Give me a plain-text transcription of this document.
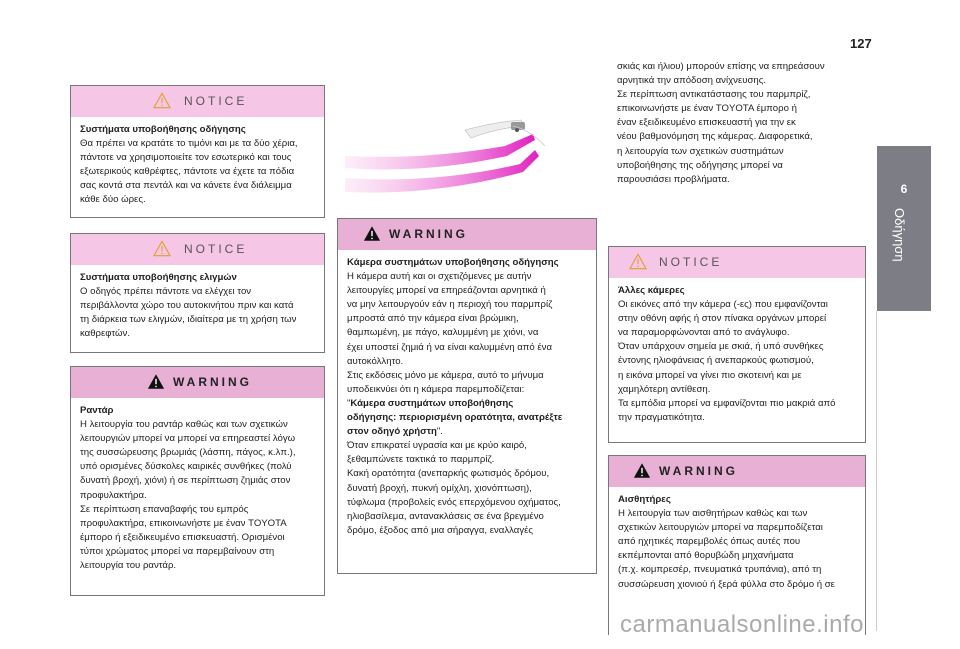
127
6
Οδήγηση
NOTICE

Συστήματα υποβοήθησης οδήγησης

Θα πρέπει να κρατάτε το τιμόνι και με τα δύο χέρια,

πάντοτε να χρησιμοποιείτε τον εσωτερικό και τους

εξωτερικούς καθρέφτες, πάντοτε να έχετε τα πόδια

σας κοντά στα πεντάλ και να κάνετε ένα διάλειμμα

κάθε δύο ώρες.

NOTICE

Συστήματα υποβοήθησης ελιγμών

Ο οδηγός πρέπει πάντοτε να ελέγχει τον

περιβάλλοντα χώρο του αυτοκινήτου πριν και κατά

τη διάρκεια των ελιγμών, ιδιαίτερα με τη χρήση των

καθρεφτών.

WARNING

Ραντάρ

Η λειτουργία του ραντάρ καθώς και των σχετικών

λειτουργιών μπορεί να μπορεί να επηρεαστεί λόγω

της συσσώρευσης βρωμιάς (λάσπη, πάγος, κ.λπ.),

υπό ορισμένες δύσκολες καιρικές συνθήκες (πολύ

δυνατή βροχή, χιόνι) ή σε περίπτωση ζημιάς στον

προφυλακτήρα.

Σε περίπτωση επαναβαφής του εμπρός

προφυλακτήρα, επικοινωνήστε με έναν TOYOTA

έμπορο ή εξειδικευμένο επισκευαστή. Ορισμένοι

τύποι χρώματος μπορεί να παρεμβαίνουν στη

λειτουργία του ραντάρ.

WARNING

Κάμερα συστημάτων υποβοήθησης οδήγησης

Η κάμερα αυτή και οι σχετιζόμενες με αυτήν

λειτουργίες μπορεί να επηρεάζονται αρνητικά ή

να μην λειτουργούν εάν η περιοχή του παρμπρίζ

μπροστά από την κάμερα είναι βρώμικη,

θαμπωμένη, με πάγο, καλυμμένη με χιόνι, να

έχει υποστεί ζημιά ή να είναι καλυμμένη από ένα

αυτοκόλλητο.

Στις εκδόσεις μόνο με κάμερα, αυτό το μήνυμα

υποδεικνύει ότι η κάμερα παρεμποδίζεται:

"Κάμερα συστημάτων υποβοήθησης

οδήγησης: περιορισμένη ορατότητα, ανατρέξτε

στον οδηγό χρήστη".

Όταν επικρατεί υγρασία και με κρύο καιρό,

ξεθαμπώνετε τακτικά το παρμπρίζ.

Κακή ορατότητα (ανεπαρκής φωτισμός δρόμου,

δυνατή βροχή, πυκνή ομίχλη, χιονόπτωση),

τύφλωμα (προβολείς ενός επερχόμενου οχήματος,

ηλιοβασίλεμα, αντανακλάσεις σε ένα βρεγμένο

δρόμο, έξοδος από μια σήραγγα, εναλλαγές

σκιάς και ήλιου) μπορούν επίσης να επηρεάσουν

αρνητικά την απόδοση ανίχνευσης.

Σε περίπτωση αντικατάστασης του παρμπρίζ,

επικοινωνήστε με έναν TOYOTA έμπορο ή

έναν εξειδικευμένο επισκευαστή για την εκ

νέου βαθμονόμηση της κάμερας. Διαφορετικά,

η λειτουργία των σχετικών συστημάτων

υποβοήθησης της οδήγησης μπορεί να

παρουσιάσει προβλήματα.

NOTICE

Άλλες κάμερες

Οι εικόνες από την κάμερα (-ες) που εμφανίζονται

στην οθόνη αφής ή στον πίνακα οργάνων μπορεί

να παραμορφώνονται από το ανάγλυφο.

Όταν υπάρχουν σημεία με σκιά, ή υπό συνθήκες

έντονης ηλιοφάνειας ή ανεπαρκούς φωτισμού,

η εικόνα μπορεί να γίνει πιο σκοτεινή και με

χαμηλότερη αντίθεση.

Τα εμπόδια μπορεί να εμφανίζονται πιο μακριά από

την πραγματικότητα.

WARNING

Αισθητήρες

Η λειτουργία των αισθητήρων καθώς και των

σχετικών λειτουργιών μπορεί να παρεμποδίζεται

από ηχητικές παρεμβολές όπως αυτές που

εκπέμπονται από θορυβώδη μηχανήματα

(π.χ. κομπρεσέρ, πνευματικά τρυπάνια), από τη

συσσώρευση χιονιού ή ξερά φύλλα στο δρόμο ή σε

carmanualsonline.info
